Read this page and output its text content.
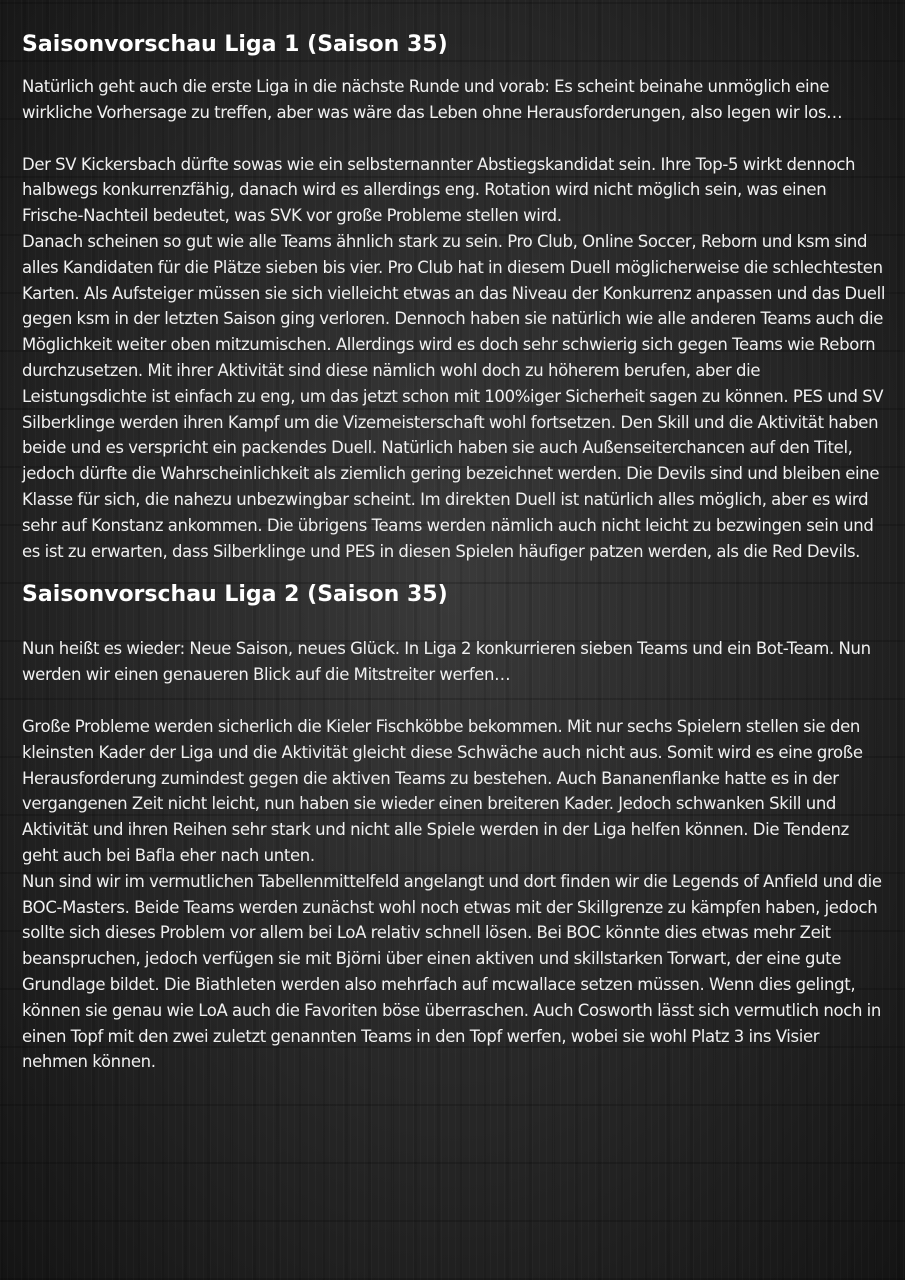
Saisonvorschau Liga 1 (Saison 35)

Natürlich geht auch die erste Liga in die nächste Runde und vorab: Es scheint beinahe unmöglich eine wirkliche Vorhersage zu treffen, aber was wäre das Leben ohne Herausforderungen, also legen wir los…

Der SV Kickersbach dürfte sowas wie ein selbsternannter Abstiegskandidat sein. Ihre Top-5 wirkt dennoch halbwegs konkurrenzfähig, danach wird es allerdings eng. Rotation wird nicht möglich sein, was einen Frische-Nachteil bedeutet, was SVK vor große Probleme stellen wird.

Danach scheinen so gut wie alle Teams ähnlich stark zu sein. Pro Club, Online Soccer, Reborn und ksm sind alles Kandidaten für die Plätze sieben bis vier. Pro Club hat in diesem Duell möglicherweise die schlechtesten Karten. Als Aufsteiger müssen sie sich vielleicht etwas an das Niveau der Konkurrenz anpassen und das Duell gegen ksm in der letzten Saison ging verloren. Dennoch haben sie natürlich wie alle anderen Teams auch die Möglichkeit weiter oben mitzumischen. Allerdings wird es doch sehr schwierig sich gegen Teams wie Reborn durchzusetzen. Mit ihrer Aktivität sind diese nämlich wohl doch zu höherem berufen, aber die Leistungsdichte ist einfach zu eng, um das jetzt schon mit 100%iger Sicherheit sagen zu können. PES und SV Silberklinge werden ihren Kampf um die Vizemeisterschaft wohl fortsetzen. Den Skill und die Aktivität haben beide und es verspricht ein packendes Duell. Natürlich haben sie auch Außenseiterchancen auf den Titel, jedoch dürfte die Wahrscheinlichkeit als ziemlich gering bezeichnet werden. Die Devils sind und bleiben eine Klasse für sich, die nahezu unbezwingbar scheint. Im direkten Duell ist natürlich alles möglich, aber es wird sehr auf Konstanz ankommen. Die übrigens Teams werden nämlich auch nicht leicht zu bezwingen sein und es ist zu erwarten, dass Silberklinge und PES in diesen Spielen häufiger patzen werden, als die Red Devils.

Saisonvorschau Liga 2 (Saison 35)

Nun heißt es wieder: Neue Saison, neues Glück. In Liga 2 konkurrieren sieben Teams und ein Bot-Team. Nun werden wir einen genaueren Blick auf die Mitstreiter werfen…

Große Probleme werden sicherlich die Kieler Fischköbbe bekommen. Mit nur sechs Spielern stellen sie den kleinsten Kader der Liga und die Aktivität gleicht diese Schwäche auch nicht aus. Somit wird es eine große Herausforderung zumindest gegen die aktiven Teams zu bestehen. Auch Bananenflanke hatte es in der vergangenen Zeit nicht leicht, nun haben sie wieder einen breiteren Kader. Jedoch schwanken Skill und Aktivität und ihren Reihen sehr stark und nicht alle Spiele werden in der Liga helfen können. Die Tendenz geht auch bei Bafla eher nach unten.

Nun sind wir im vermutlichen Tabellenmittelfeld angelangt und dort finden wir die Legends of Anfield und die BOC-Masters. Beide Teams werden zunächst wohl noch etwas mit der Skillgrenze zu kämpfen haben, jedoch sollte sich dieses Problem vor allem bei LoA relativ schnell lösen. Bei BOC könnte dies etwas mehr Zeit beanspruchen, jedoch verfügen sie mit Björni über einen aktiven und skillstarken Torwart, der eine gute Grundlage bildet. Die Biathleten werden also mehrfach auf mcwallace setzen müssen. Wenn dies gelingt, können sie genau wie LoA auch die Favoriten böse überraschen. Auch Cosworth lässt sich vermutlich noch in einen Topf mit den zwei zuletzt genannten Teams in den Topf werfen, wobei sie wohl Platz 3 ins Visier nehmen können.
